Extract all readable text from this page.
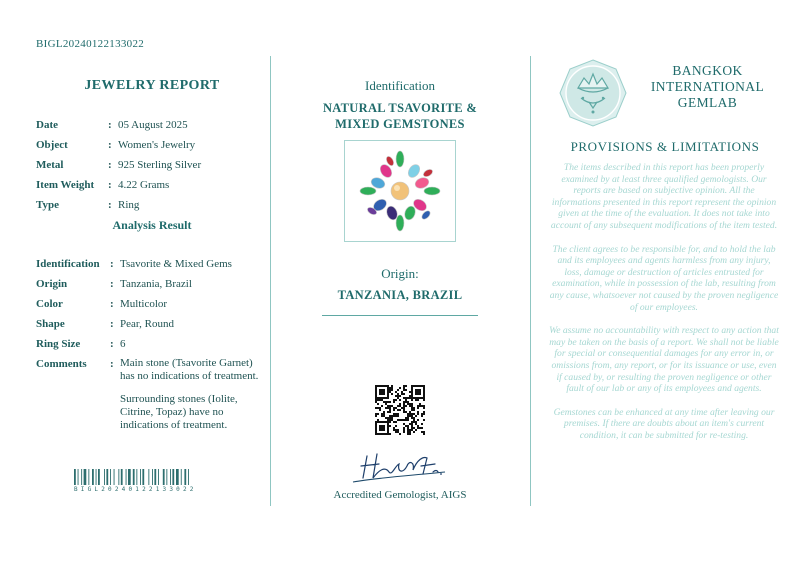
BIGL20240122133022
JEWELRY REPORT
Date	: 05 August 2025
Object	: Women's Jewelry
Metal	: 925 Sterling Silver
Item Weight	: 4.22 Grams
Type	: Ring
Analysis Result
Identification : Tsavorite & Mixed Gems
Origin	: Tanzania, Brazil
Color	: Multicolor
Shape	: Pear, Round
Ring Size	: 6
Comments	: Main stone (Tsavorite Garnet) has no indications of treatment.

Surrounding stones (Iolite, Citrine, Topaz) have no indications of treatment.

BIGL20240122133022
Identification
NATURAL TSAVORITE &
MIXED GEMSTONES
Origin:
TANZANIA, BRAZIL
Accredited Gemologist, AIGS
BANGKOK
INTERNATIONAL
GEMLAB
PROVISIONS & LIMITATIONS

The items described in this report has been properly examined by at least three qualified gemologists. Our reports are based on subjective opinion. All the informations presented in this report represent the opinion given at the time of the evaluation. It does not take into account of any subsequent modifications of the item tested.

The client agrees to be responsible for, and to hold the lab and its employees and agents harmless from any injury, loss, damage or destruction of articles entrusted for examination, while in possession of the lab, resulting from any cause, whatsoever not caused by the proven negligence of our employees.

We assume no accountability with respect to any action that may be taken on the basis of a report. We shall not be liable for special or consequential damages for any error in, or omissions from, any report, or for its issuance or use, even if caused by, or resulting the proven negligence or other fault of our lab or any of its employees and agents.

Gemstones can be enhanced at any time after leaving our premises. If there are doubts about an item's current condition, it can be submitted for re-testing.
